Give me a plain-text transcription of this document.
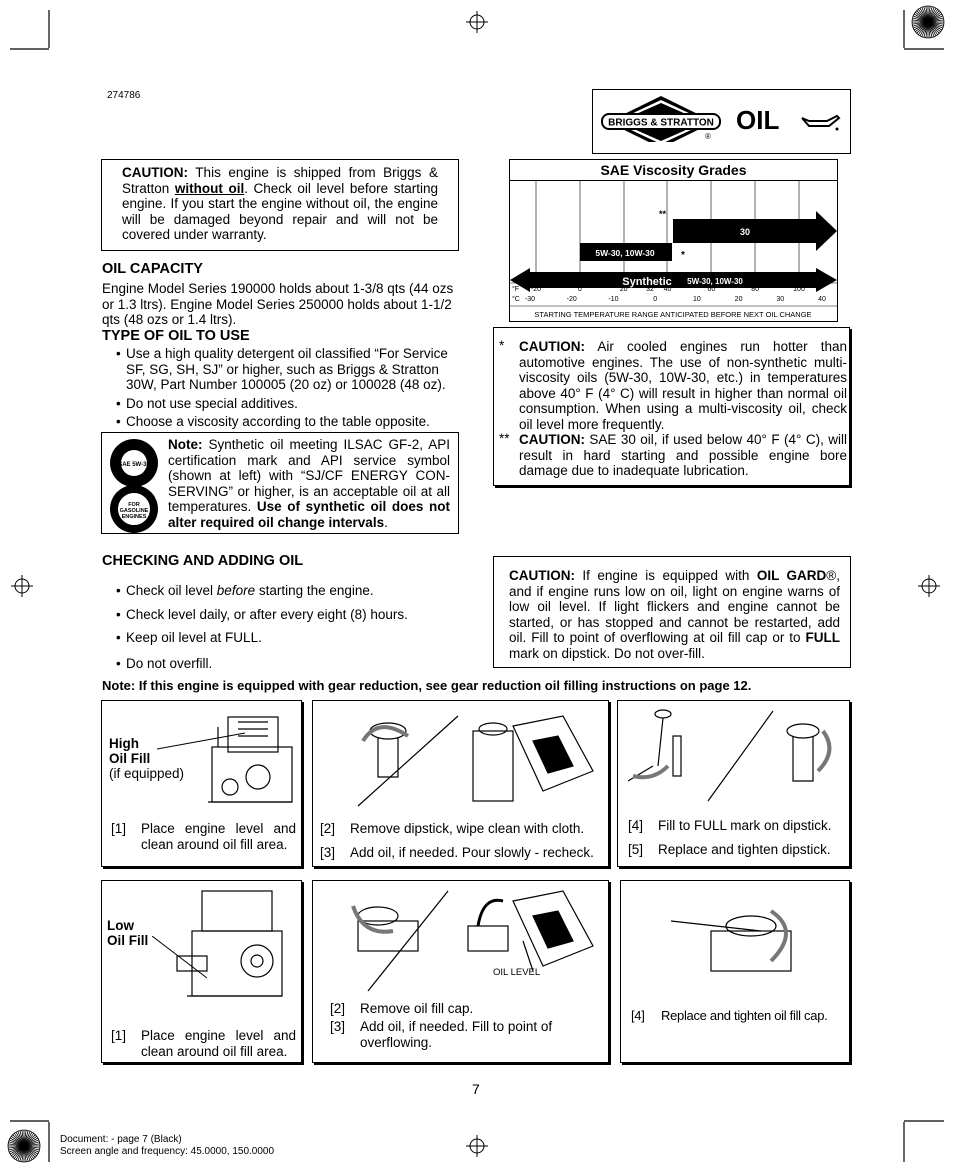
274786
BRIGGS & STRATTON
®
OIL
CAUTION: This engine is shipped from Briggs & Stratton without oil. Check oil level before starting engine. If you start the engine without oil, the engine will be damaged beyond repair and will not be covered under warranty.
OIL CAPACITY
Engine Model Series 190000 holds about 1-3/8 qts (44 ozs or 1.3 ltrs). Engine Model Series 250000 holds about 1-1/2 qts (48 ozs or 1.4 ltrs).
TYPE OF OIL TO USE
• Use a high quality detergent oil classified “For Service SF, SG, SH, SJ” or higher, such as Briggs & Stratton 30W, Part Number 100005 (20 oz) or 100028 (48 oz).
• Do not use special additives.
• Choose a viscosity according to the table opposite.
SAE 5W-30
FOR
GASOLINE
ENGINES
Note: Synthetic oil meeting ILSAC GF-2, API certification mark and API service symbol (shown at left) with “SJ/CF ENERGY CON-SERVING” or higher, is an acceptable oil at all temperatures. Use of synthetic oil does not alter required oil change intervals.
SAE Viscosity Grades
30
**
5W-30, 10W-30	*
Synthetic 5W-30, 10W-30
-20	0	20	32 40	60	80	100
-30	-20	-10	0	10	20	30	40
°F
°C
STARTING TEMPERATURE RANGE ANTICIPATED BEFORE NEXT OIL CHANGE
* CAUTION: Air cooled engines run hotter than automotive engines. The use of non-synthetic multi-viscosity oils (5W-30, 10W-30, etc.) in temperatures above 40° F (4° C) will result in higher than normal oil consumption. When using a multi-viscosity oil, check oil level more frequently.
** CAUTION: SAE 30 oil, if used below 40° F (4° C), will result in hard starting and possible engine bore damage due to inadequate lubrication.
CHECKING AND ADDING OIL
• Check oil level before starting the engine.
• Check level daily, or after every eight (8) hours.
• Keep oil level at FULL.
• Do not overfill.
CAUTION: If engine is equipped with OIL GARD®, and if engine runs low on oil, light on engine warns of low oil level. If light flickers and engine cannot be started, or has stopped and cannot be restarted, add oil. Fill to point of overflowing at oil fill cap or to FULL mark on dipstick. Do not over-fill.
Note: If this engine is equipped with gear reduction, see gear reduction oil filling instructions on page 12.
High
Oil Fill
(if equipped)
[1] Place engine level and clean around oil fill area.
[2] Remove dipstick, wipe clean with cloth.
[3] Add oil, if needed. Pour slowly - recheck.
[4] Fill to FULL mark on dipstick.
[5] Replace and tighten dipstick.
Low
Oil Fill
[1] Place engine level and clean around oil fill area.
OIL LEVEL
[2] Remove oil fill cap.
[3] Add oil, if needed. Fill to point of overflowing.
[4] Replace and tighten oil fill cap.
7
Document: - page 7 (Black)
Screen angle and frequency: 45.0000, 150.0000
